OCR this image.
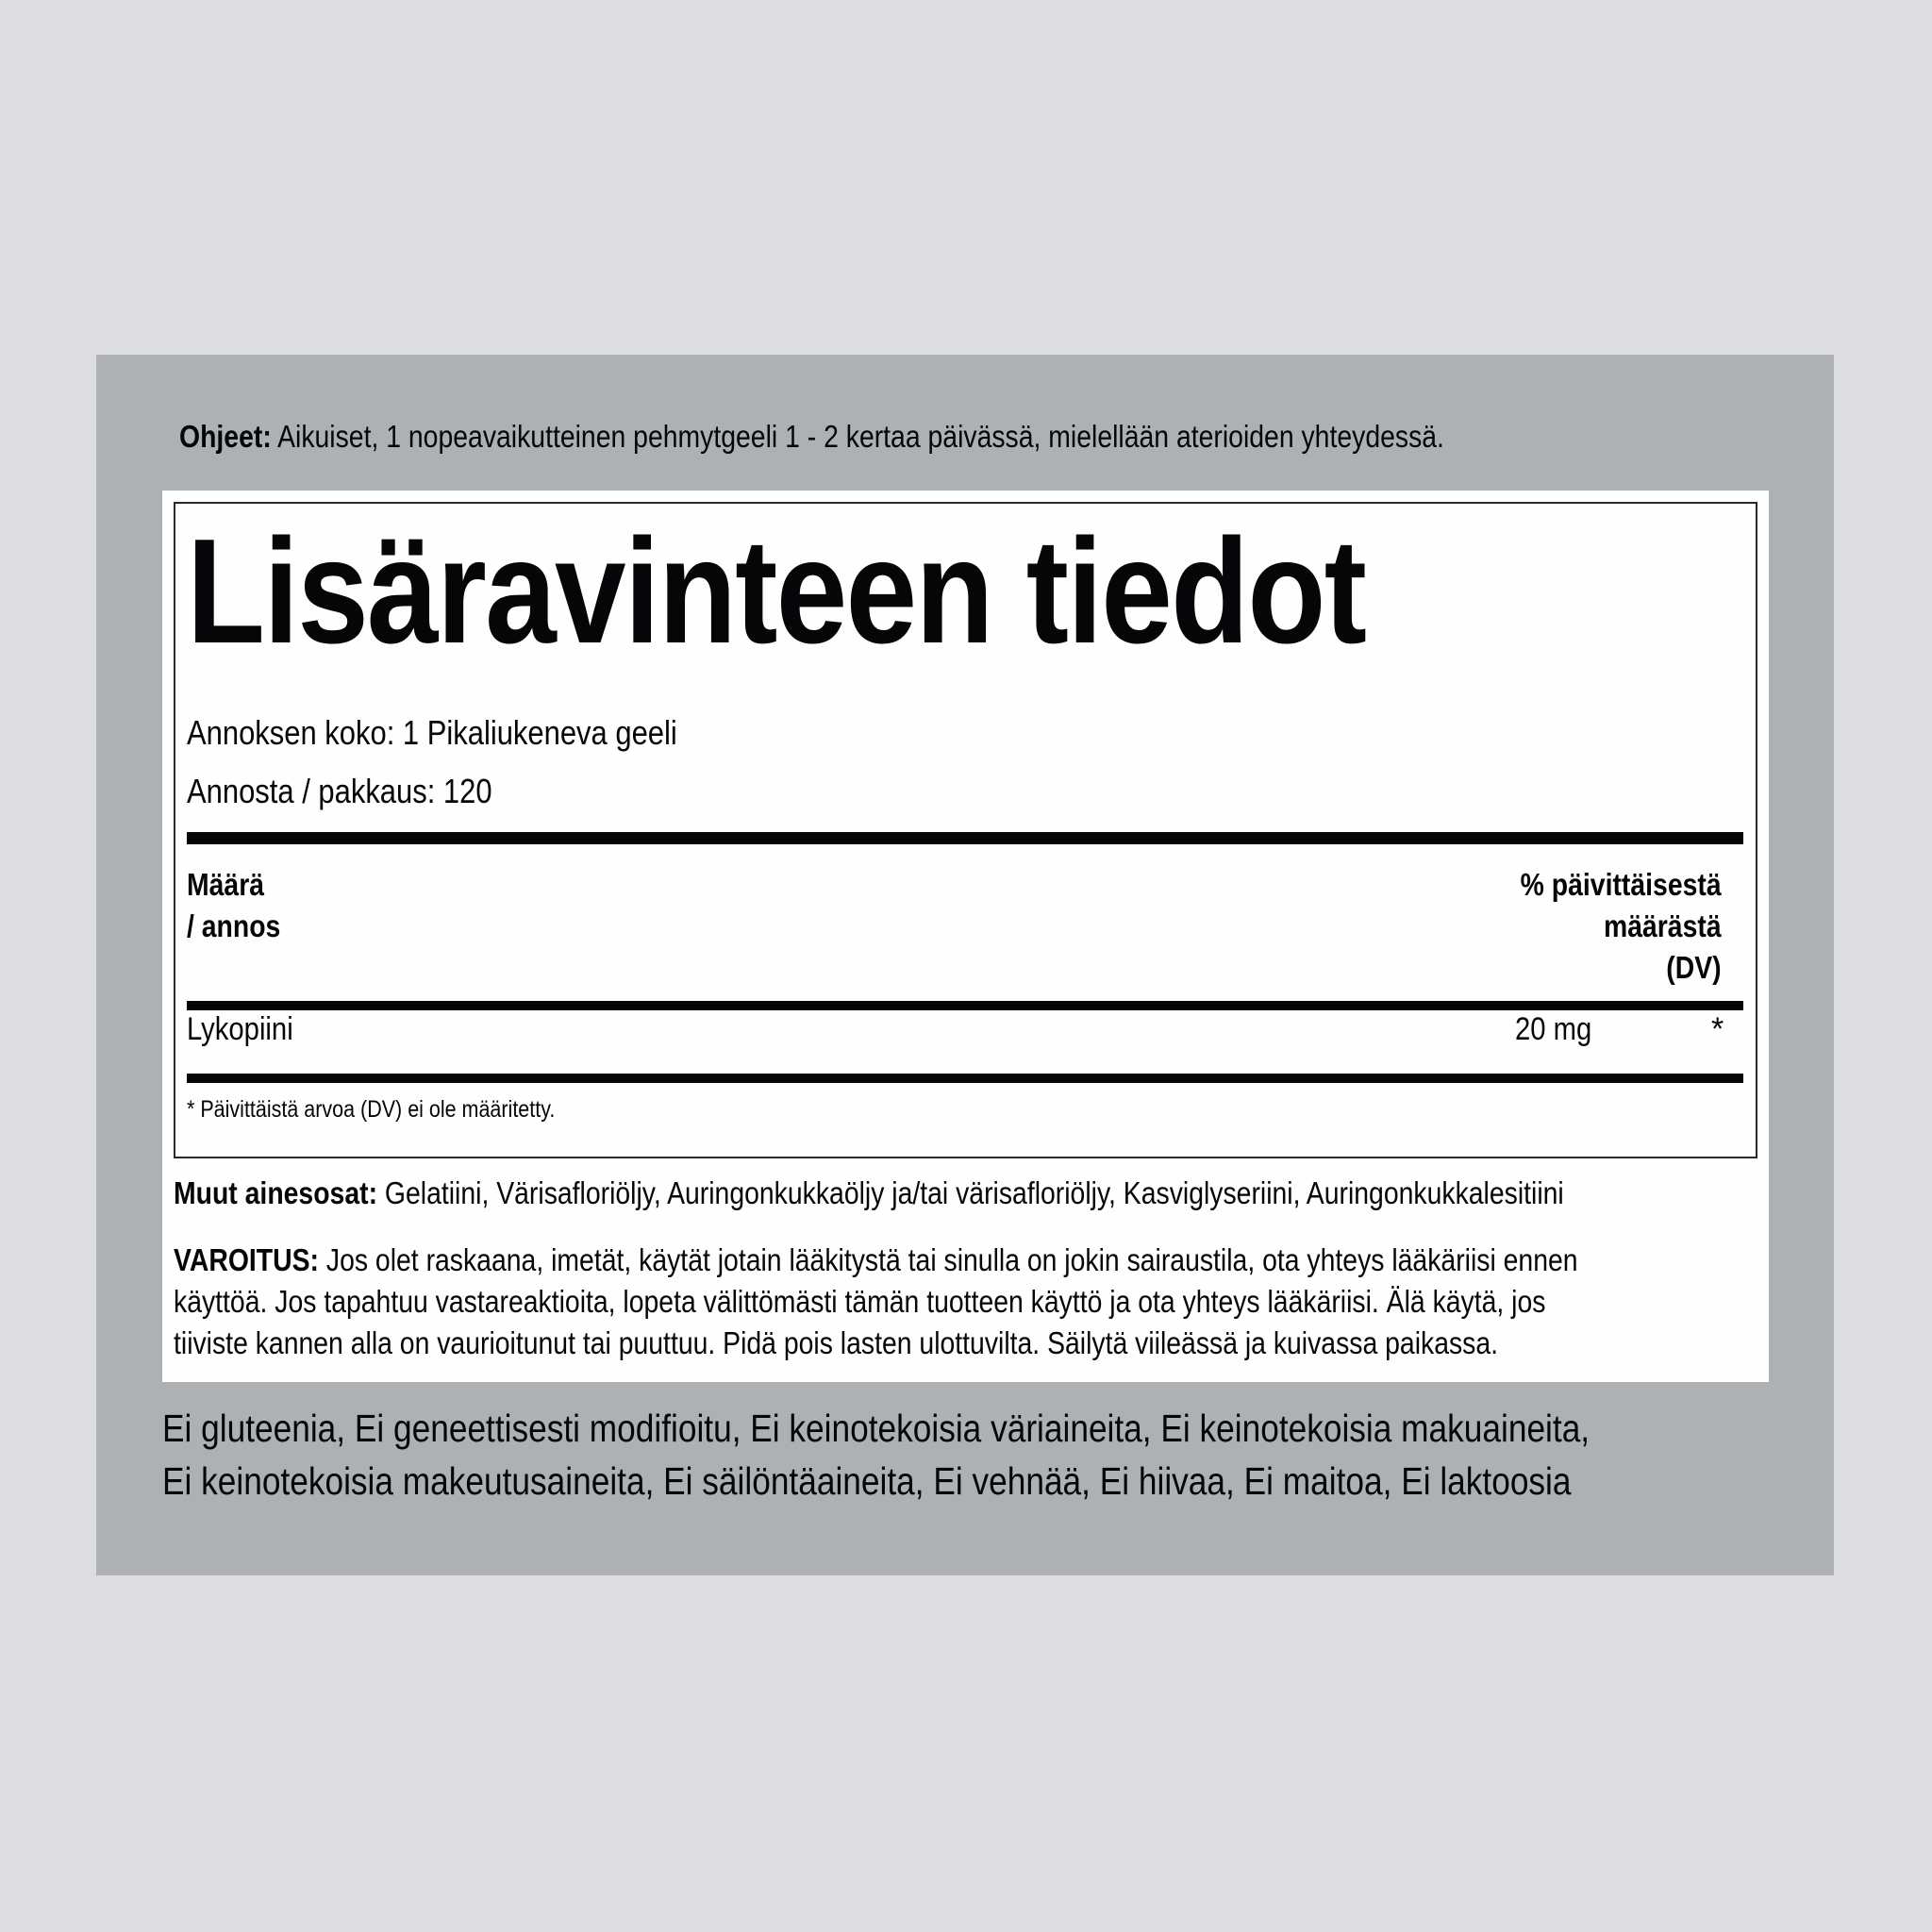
Ohjeet: Aikuiset, 1 nopeavaikutteinen pehmytgeeli 1 - 2 kertaa päivässä, mielellään aterioiden yhteydessä.
Lisäravinteen tiedot
Annoksen koko: 1 Pikaliukeneva geeli
Annosta / pakkaus: 120
Määrä
/ annos
% päivittäisestä
määrästä
(DV)
Lykopiini	20 mg	*
* Päivittäistä arvoa (DV) ei ole määritetty.
Muut ainesosat: Gelatiini, Värisafloriöljy, Auringonkukkaöljy ja/tai värisafloriöljy, Kasviglyseriini, Auringonkukkalesitiini
VAROITUS: Jos olet raskaana, imetät, käytät jotain lääkitystä tai sinulla on jokin sairaustila, ota yhteys lääkäriisi ennen
käyttöä. Jos tapahtuu vastareaktioita, lopeta välittömästi tämän tuotteen käyttö ja ota yhteys lääkäriisi. Älä käytä, jos
tiiviste kannen alla on vaurioitunut tai puuttuu. Pidä pois lasten ulottuvilta. Säilytä viileässä ja kuivassa paikassa.
Ei gluteenia, Ei geneettisesti modifioitu, Ei keinotekoisia väriaineita, Ei keinotekoisia makuaineita,
Ei keinotekoisia makeutusaineita, Ei säilöntäaineita, Ei vehnää, Ei hiivaa, Ei maitoa, Ei laktoosia
